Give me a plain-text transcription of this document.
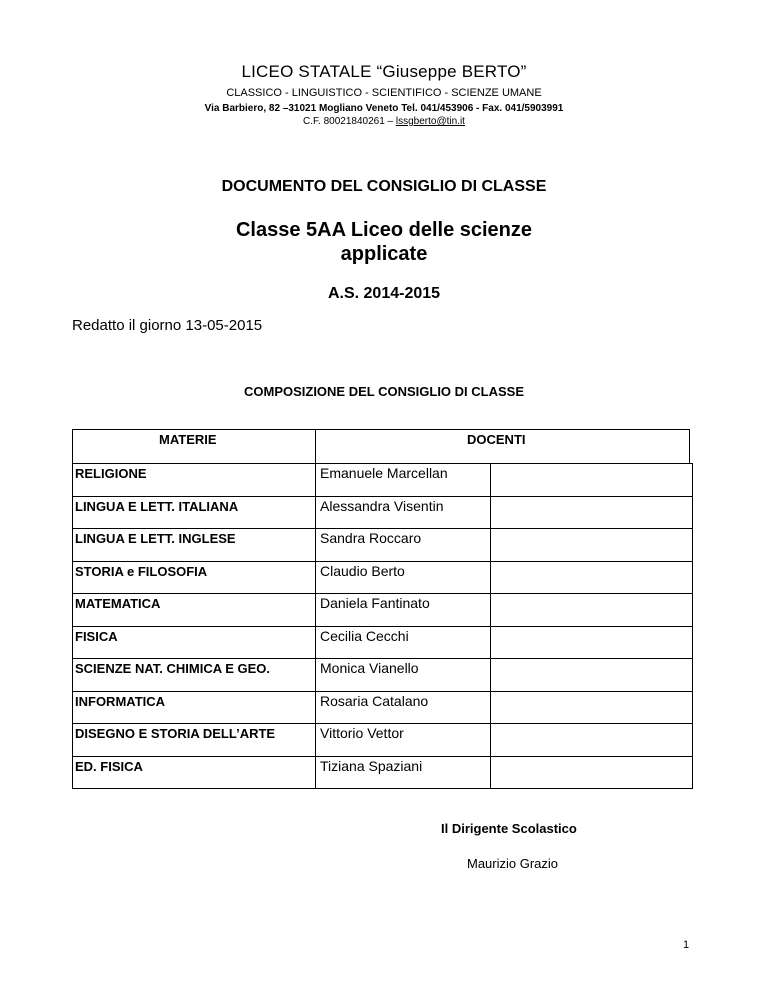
LICEO STATALE “Giuseppe BERTO”
CLASSICO - LINGUISTICO - SCIENTIFICO - SCIENZE UMANE
Via Barbiero, 82 –31021 Mogliano Veneto Tel. 041/453906 - Fax. 041/5903991
C.F. 80021840261 – lssgberto@tin.it
DOCUMENTO DEL CONSIGLIO DI CLASSE
Classe 5AA Liceo delle scienze
applicate
A.S. 2014-2015
Redatto il giorno 13-05-2015
COMPOSIZIONE DEL CONSIGLIO DI CLASSE
MATERIE	DOCENTI
RELIGIONE	Emanuele Marcellan
LINGUA E LETT. ITALIANA	Alessandra Visentin
LINGUA E LETT. INGLESE	Sandra Roccaro
STORIA e FILOSOFIA	Claudio Berto
MATEMATICA	Daniela Fantinato
FISICA	Cecilia Cecchi
SCIENZE NAT. CHIMICA E GEO.	Monica Vianello
INFORMATICA	Rosaria Catalano
DISEGNO E STORIA DELL’ARTE	Vittorio Vettor
ED. FISICA	Tiziana Spaziani
Il Dirigente Scolastico
Maurizio Grazio
1
